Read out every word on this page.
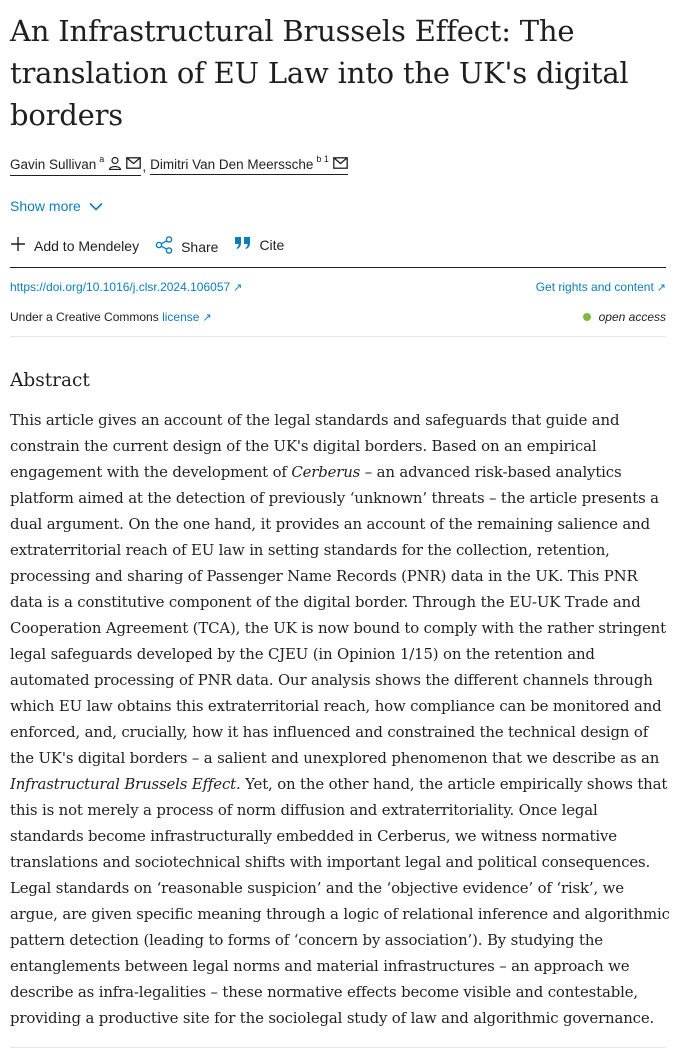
An Infrastructural Brussels Effect: The translation of EU Law into the UK's digital borders
Gavin Sullivan a	, Dimitri Van Den Meerssche b 1
Show more
Add to Mendeley	Share	Cite
https://doi.org/10.1016/j.clsr.2024.106057 ↗	Get rights and content ↗
Under a Creative Commons license ↗	open access
Abstract

This article gives an account of the legal standards and safeguards that guide and constrain the current design of the UK's digital borders. Based on an empirical engagement with the development of Cerberus – an advanced risk-based analytics platform aimed at the detection of previously ‘unknown’ threats – the article presents a dual argument. On the one hand, it provides an account of the remaining salience and extraterritorial reach of EU law in setting standards for the collection, retention, processing and sharing of Passenger Name Records (PNR) data in the UK. This PNR data is a constitutive component of the digital border. Through the EU-UK Trade and Cooperation Agreement (TCA), the UK is now bound to comply with the rather stringent legal safeguards developed by the CJEU (in Opinion 1/15) on the retention and automated processing of PNR data. Our analysis shows the different channels through which EU law obtains this extraterritorial reach, how compliance can be monitored and enforced, and, crucially, how it has influenced and constrained the technical design of the UK's digital borders – a salient and unexplored phenomenon that we describe as an Infrastructural Brussels Effect. Yet, on the other hand, the article empirically shows that this is not merely a process of norm diffusion and extraterritoriality. Once legal standards become infrastructurally embedded in Cerberus, we witness normative translations and sociotechnical shifts with important legal and political consequences. Legal standards on ‘reasonable suspicion’ and the ‘objective evidence’ of ‘risk’, we argue, are given specific meaning through a logic of relational inference and algorithmic pattern detection (leading to forms of ‘concern by association’). By studying the entanglements between legal norms and material infrastructures – an approach we describe as infra-legalities – these normative effects become visible and contestable, providing a productive site for the sociolegal study of law and algorithmic governance.
